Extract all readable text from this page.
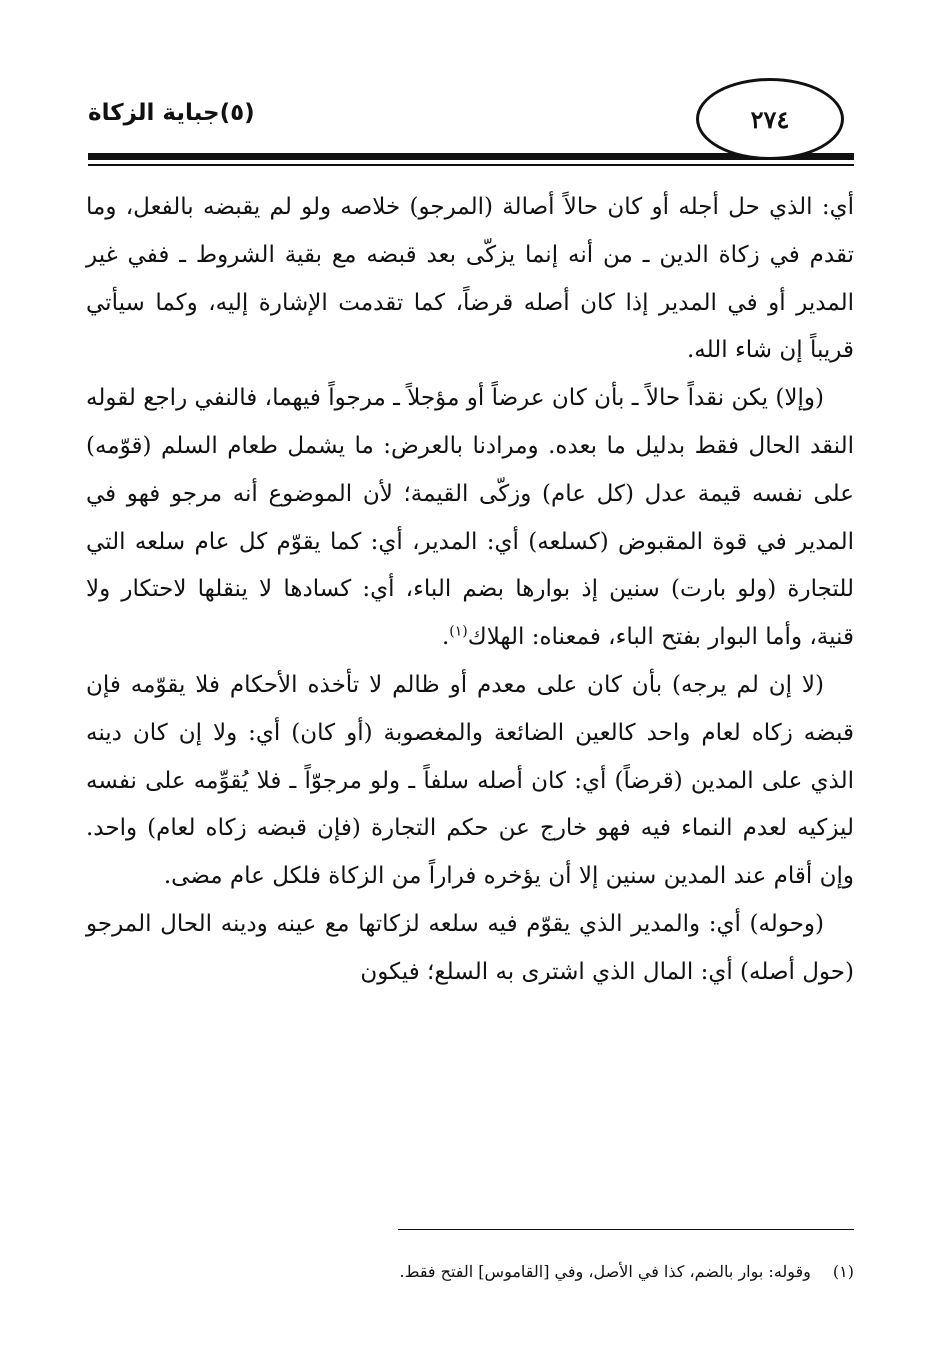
(٥)جباية الزكاة	٢٧٤

أي: الذي حل أجله أو كان حالاً أصالة (المرجو) خلاصه ولو لم يقبضه بالفعل، وما تقدم في زكاة الدين ـ من أنه إنما يزكّى بعد قبضه مع بقية الشروط ـ ففي غير المدير أو في المدير إذا كان أصله قرضاً، كما تقدمت الإشارة إليه، وكما سيأتي قريباً إن شاء الله.

(وإلا) يكن نقداً حالاً ـ بأن كان عرضاً أو مؤجلاً ـ مرجواً فيهما، فالنفي راجع لقوله النقد الحال فقط بدليل ما بعده. ومرادنا بالعرض: ما يشمل طعام السلم (قوّمه) على نفسه قيمة عدل (كل عام) وزكّى القيمة؛ لأن الموضوع أنه مرجو فهو في المدير في قوة المقبوض (كسلعه) أي: المدير، أي: كما يقوّم كل عام سلعه التي للتجارة (ولو بارت) سنين إذ بوارها بضم الباء، أي: كسادها لا ينقلها لاحتكار ولا قنية، وأما البوار بفتح الباء، فمعناه: الهلاك$^{(١)}$.

(لا إن لم يرجه) بأن كان على معدم أو ظالم لا تأخذه الأحكام فلا يقوّمه فإن قبضه زكاه لعام واحد كالعين الضائعة والمغصوبة (أو كان) أي: ولا إن كان دينه الذي على المدين (قرضاً) أي: كان أصله سلفاً ـ ولو مرجوّاً ـ فلا يُقوِّمه على نفسه ليزكيه لعدم النماء فيه فهو خارج عن حكم التجارة (فإن قبضه زكاه لعام) واحد. وإن أقام عند المدين سنين إلا أن يؤخره فراراً من الزكاة فلكل عام مضى.

(وحوله) أي: والمدير الذي يقوّم فيه سلعه لزكاتها مع عينه ودينه الحال المرجو (حول أصله) أي: المال الذي اشترى به السلع؛ فيكون

(١)وقوله: بوار بالضم، كذا في الأصل، وفي [القاموس] الفتح فقط.
